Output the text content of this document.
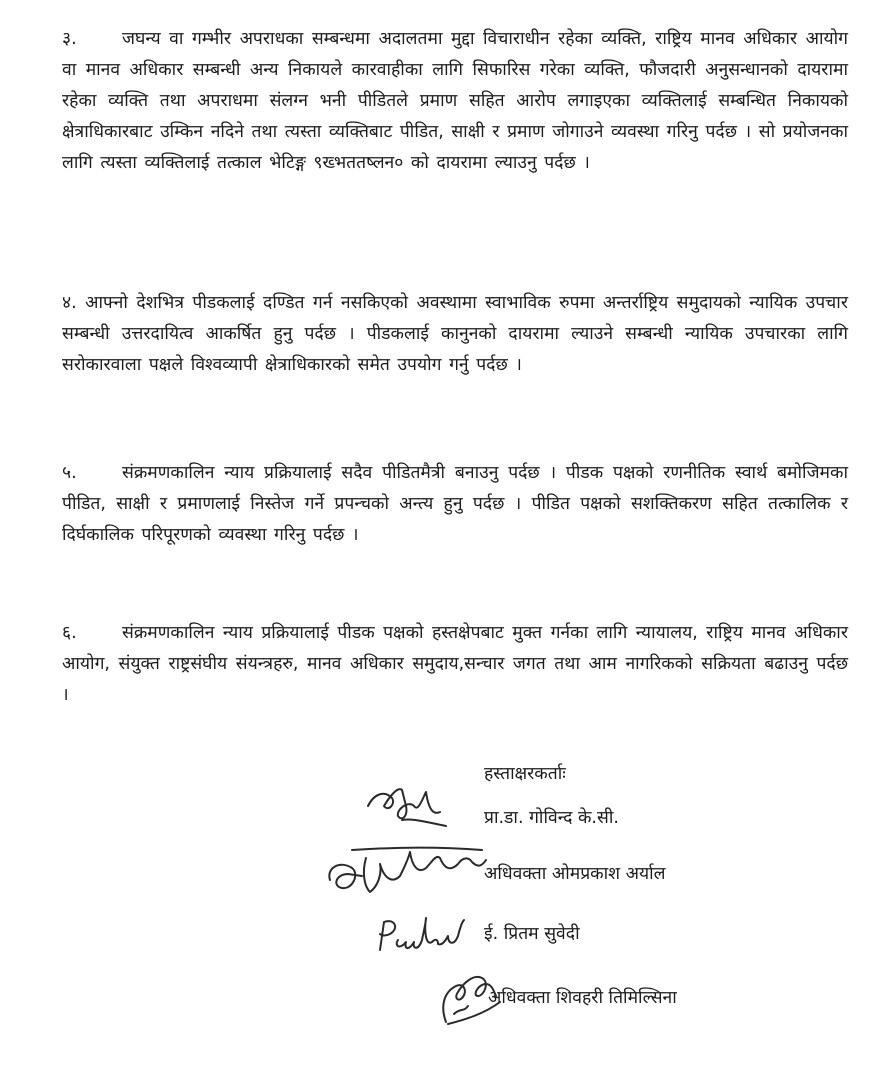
३.	जघन्य वा गम्भीर अपराधका सम्बन्धमा अदालतमा मुद्दा विचाराधीन रहेका व्यक्ति, राष्ट्रिय मानव अधिकार आयोग वा मानव अधिकार सम्बन्धी अन्य निकायले कारवाहीका लागि सिफारिस गरेका व्यक्ति, फौजदारी अनुसन्धानको दायरामा रहेका व्यक्ति तथा अपराधमा संलग्न भनी पीडितले प्रमाण सहित आरोप लगाइएका व्यक्तिलाई सम्बन्धित निकायको क्षेत्राधिकारबाट उम्किन नदिने तथा त्यस्ता व्यक्तिबाट पीडित, साक्षी र प्रमाण जोगाउने व्यवस्था गरिनु पर्दछ । सो प्रयोजनका लागि त्यस्ता व्यक्तिलाई तत्काल भेटिङ्ग ९ख्भततष्लन० को दायरामा ल्याउनु पर्दछ ।

४. आफ्नो देशभित्र पीडकलाई दण्डित गर्न नसकिएको अवस्थामा स्वाभाविक रुपमा अन्तर्राष्ट्रिय समुदायको न्यायिक उपचार सम्बन्धी उत्तरदायित्व आकर्षित हुनु पर्दछ । पीडकलाई कानुनको दायरामा ल्याउने सम्बन्धी न्यायिक उपचारका लागि सरोकारवाला पक्षले विश्वव्यापी क्षेत्राधिकारको समेत उपयोग गर्नु पर्दछ ।

५.	संक्रमणकालिन न्याय प्रक्रियालाई सदैव पीडितमैत्री बनाउनु पर्दछ । पीडक पक्षको रणनीतिक स्वार्थ बमोजिमका पीडित, साक्षी र प्रमाणलाई निस्तेज गर्ने प्रपन्चको अन्त्य हुनु पर्दछ । पीडित पक्षको सशक्तिकरण सहित तत्कालिक र दिर्घकालिक परिपूरणको व्यवस्था गरिनु पर्दछ ।

६.	संक्रमणकालिन न्याय प्रक्रियालाई पीडक पक्षको हस्तक्षेपबाट मुक्त गर्नका लागि न्यायालय, राष्ट्रिय मानव अधिकार आयोग, संयुक्त राष्ट्रसंघीय संयन्त्रहरु, मानव अधिकार समुदाय,सन्चार जगत तथा आम नागरिकको सक्रियता बढाउनु पर्दछ ।

हस्ताक्षरकर्ताः
प्रा.डा. गोविन्द के.सी.
अधिवक्ता ओमप्रकाश अर्याल
ई. प्रितम सुवेदी
अधिवक्ता शिवहरी तिमिल्सिना
